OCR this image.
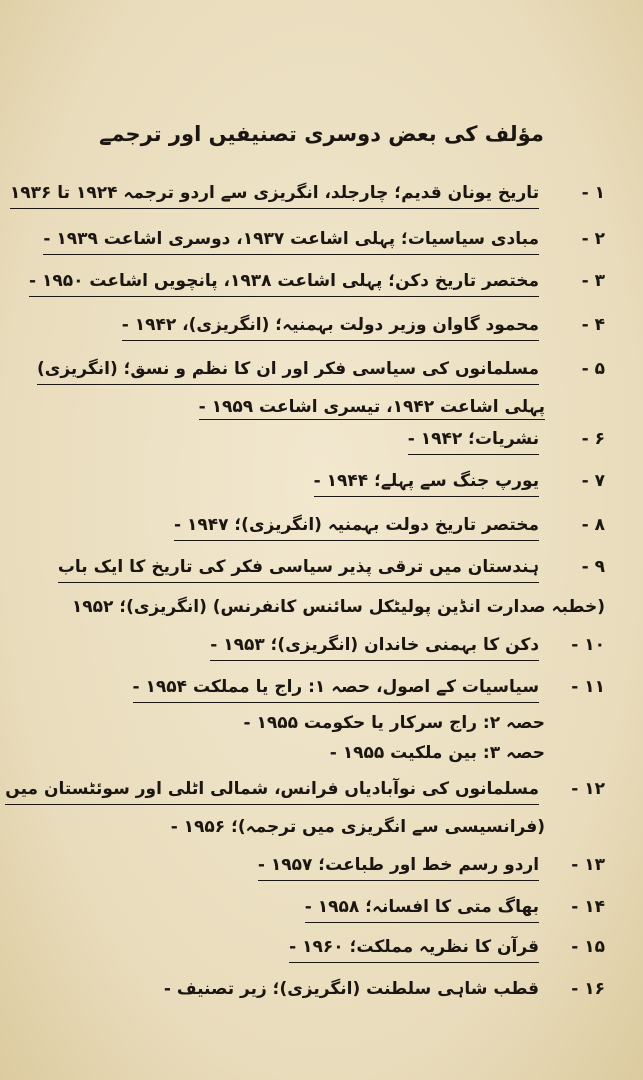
مؤلف کی بعض دوسری تصنیفیں اور ترجمے
۱ - تاریخ یونان قدیم؛ چارجلد، انگریزی سے اردو ترجمہ ۱۹۲۴ تا ۱۹۳۶
۲ - مبادی سیاسیات؛ پہلی اشاعت ۱۹۳۷، دوسری اشاعت ۱۹۳۹ -
۳ - مختصر تاریخ دکن؛ پہلی اشاعت ۱۹۳۸، پانچویں اشاعت ۱۹۵۰ -
۴ - محمود گاوان وزیر دولت بہمنیہ؛ (انگریزی)، ۱۹۴۲ -
۵ - مسلمانوں کی سیاسی فکر اور ان کا نظم و نسق؛ (انگریزی)
پہلی اشاعت ۱۹۴۲، تیسری اشاعت ۱۹۵۹ -
۶ - نشریات؛ ۱۹۴۲ -
۷ - یورپ جنگ سے پہلے؛ ۱۹۴۴ -
۸ - مختصر تاریخ دولت بہمنیہ (انگریزی)؛ ۱۹۴۷ -
۹ - ہندستان میں ترقی پذیر سیاسی فکر کی تاریخ کا ایک باب
(خطبہ صدارت انڈین پولیٹکل سائنس کانفرنس) (انگریزی)؛ ۱۹۵۲
۱۰ - دکن کا بہمنی خاندان (انگریزی)؛ ۱۹۵۳ -
۱۱ - سیاسیات کے اصول، حصہ ۱: راج یا مملکت ۱۹۵۴ -
حصہ ۲: راج سرکار یا حکومت ۱۹۵۵ -
حصہ ۳: بین ملکیت ۱۹۵۵ -
۱۲ - مسلمانوں کی نوآبادیاں فرانس، شمالی اٹلی اور سوئٹستان میں
(فرانسیسی سے انگریزی میں ترجمہ)؛ ۱۹۵۶ -
۱۳ - اردو رسم خط اور طباعت؛ ۱۹۵۷ -
۱۴ - بھاگ متی کا افسانہ؛ ۱۹۵۸ -
۱۵ - قرآن کا نظریہ مملکت؛ ۱۹۶۰ -
۱۶ - قطب شاہی سلطنت (انگریزی)؛ زیر تصنیف -
